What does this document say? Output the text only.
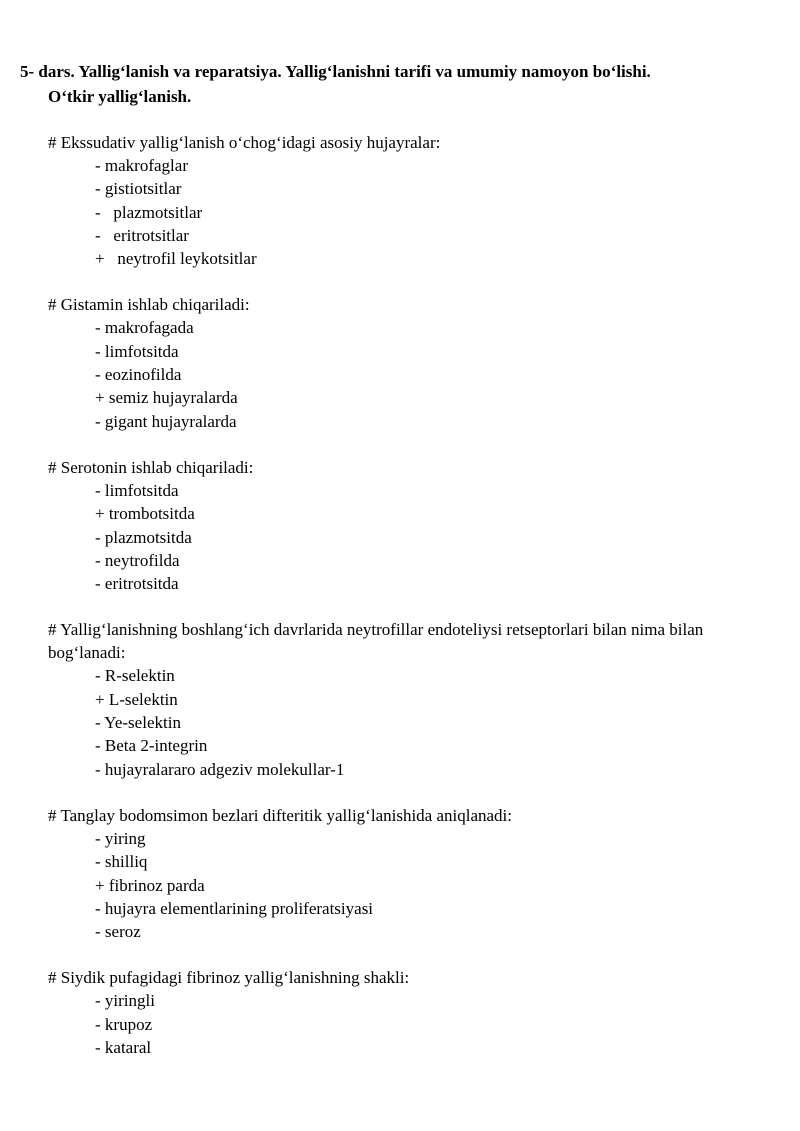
5- dars. Yallig‘lanish va reparatsiya. Yallig‘lanishni tarifi va umumiy namoyon bo‘lishi.
O‘tkir yallig‘lanish.
# Ekssudativ yallig‘lanish o‘chog‘idagi asosiy hujayralar:
- makrofaglar
- gistiotsitlar
-   plazmotsitlar
-   eritrotsitlar
+   neytrofil leykotsitlar
# Gistamin ishlab chiqariladi:
- makrofagada
- limfotsitda
- eozinofilda
+ semiz hujayralarda
- gigant hujayralarda
# Serotonin ishlab chiqariladi:
- limfotsitda
+ trombotsitda
- plazmotsitda
- neytrofilda
- eritrotsitda
# Yallig‘lanishning boshlang‘ich davrlarida neytrofillar endoteliysi retseptorlari bilan nima bilan bog‘lanadi:
- R-selektin
+ L-selektin
- Ye-selektin
- Beta 2-integrin
- hujayralararo adgeziv molekullar-1
# Tanglay bodomsimon bezlari difteritik yallig‘lanishida aniqlanadi:
- yiring
- shilliq
+ fibrinoz parda
- hujayra elementlarining proliferatsiyasi
- seroz
# Siydik pufagidagi fibrinoz yallig‘lanishning shakli:
- yiringli
- krupoz
- kataral
